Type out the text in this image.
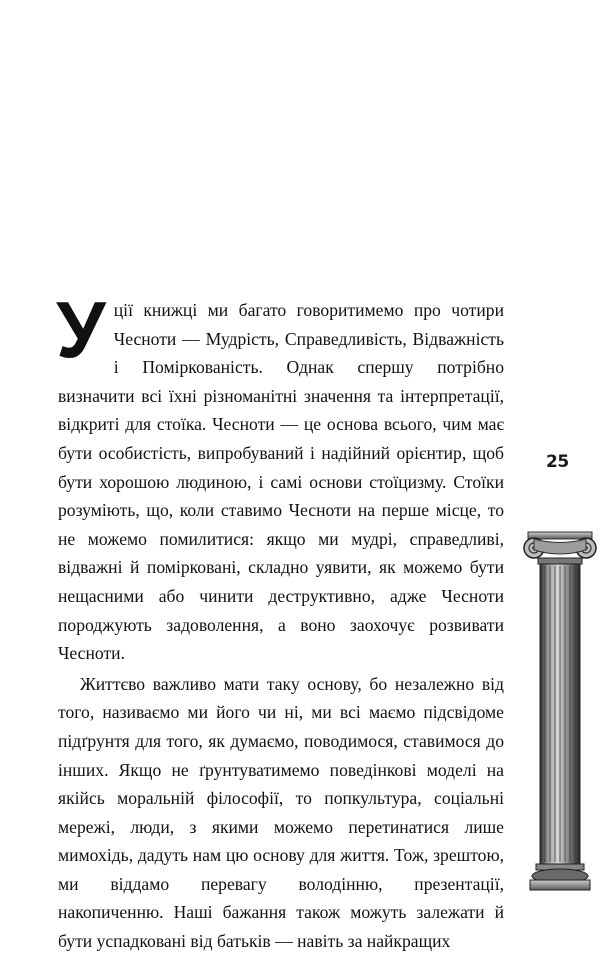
Уції книжці ми багато говоритимемо про чотири Чесноти — Мудрість, Справедливість, Відважність і Поміркованість. Однак спершу потрібно визначити всі їхні різноманітні значення та інтерпретації, відкриті для стоїка. Чесноти — це основа всього, чим має бути особистість, випробуваний і надійний орієнтир, щоб бути хорошою людиною, і самі основи стоїцизму. Стоїки розуміють, що, коли ставимо Чесноти на перше місце, то не можемо помилитися: якщо ми мудрі, справедливі, відважні й поміркованi, складно уявити, як можемо бути нещасними або чинити деструктивно, адже Чесноти породжують задоволення, а воно заохочує розвивати Чесноти.

Життєво важливо мати таку основу, бо незалежно від того, називаємо ми його чи ні, ми всі маємо підсвідоме підґрунтя для того, як думаємо, поводимося, ставимося до інших. Якщо не ґрунтуватимемо поведінкові моделі на якійсь моральній філософії, то попкультура, соціальні мережі, люди, з якими можемо перетинатися лише мимохідь, дадуть нам цю основу для життя. Тож, зрештою, ми віддамо перевагу володінню, презентації, накопиченню. Наші бажання також можуть залежати й бути успадковані від батьків — навіть за найкращих

25
